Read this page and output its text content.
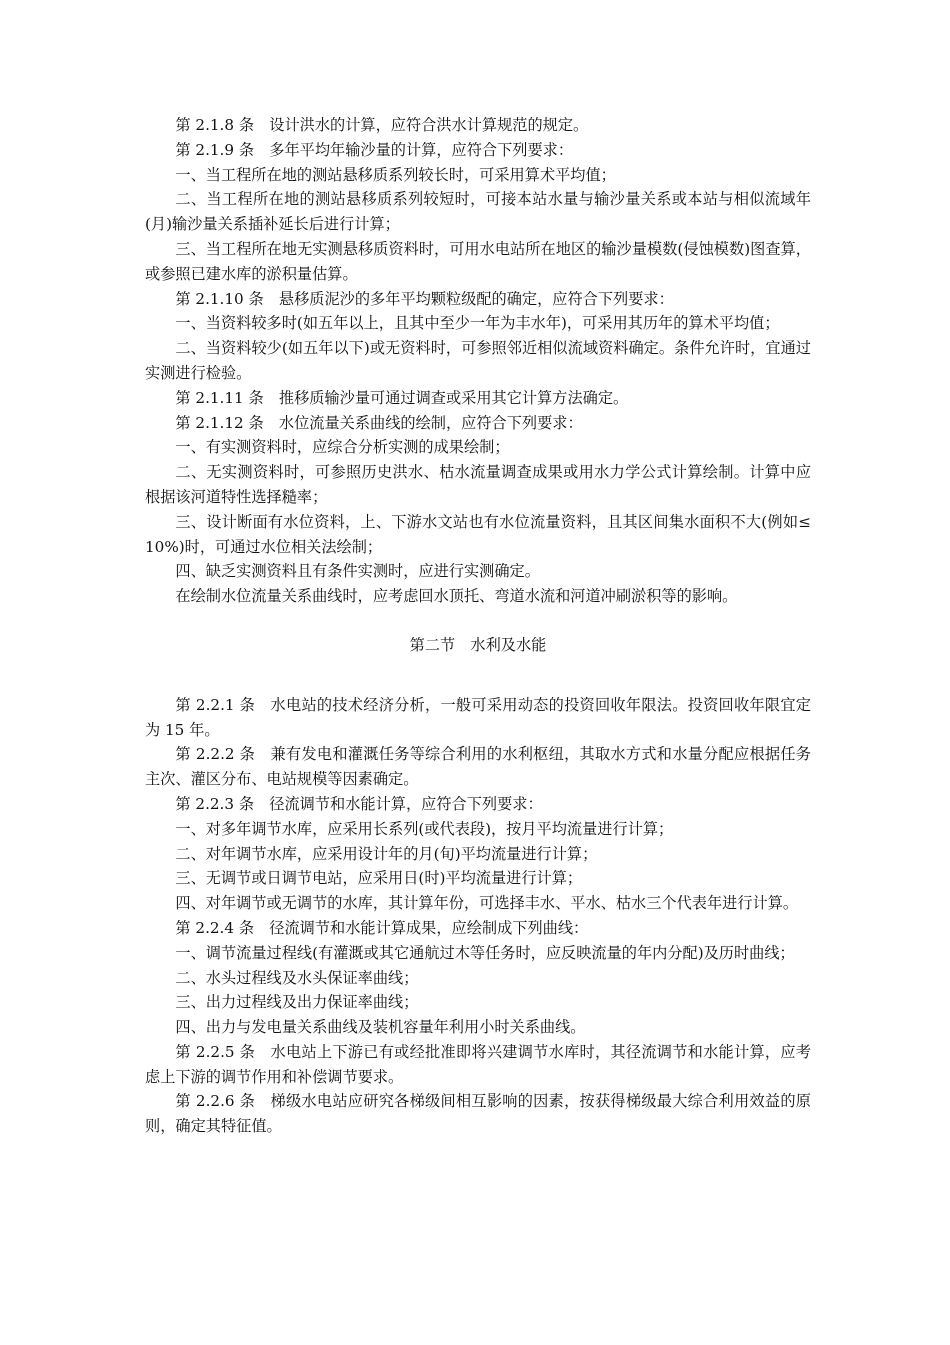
第 2.1.8 条　设计洪水的计算，应符合洪水计算规范的规定。

第 2.1.9 条　多年平均年输沙量的计算，应符合下列要求：

一、当工程所在地的测站悬移质系列较长时，可采用算术平均值；

二、当工程所在地的测站悬移质系列较短时，可接本站水量与输沙量关系或本站与相似流域年(月)输沙量关系插补延长后进行计算；

三、当工程所在地无实测悬移质资料时，可用水电站所在地区的输沙量模数(侵蚀模数)图查算，或参照已建水库的淤积量估算。

第 2.1.10 条　悬移质泥沙的多年平均颗粒级配的确定，应符合下列要求：

一、当资料较多时(如五年以上，且其中至少一年为丰水年)，可采用其历年的算术平均值；

二、当资料较少(如五年以下)或无资料时，可参照邻近相似流域资料确定。条件允许时，宜通过实测进行检验。

第 2.1.11 条　推移质输沙量可通过调查或采用其它计算方法确定。

第 2.1.12 条　水位流量关系曲线的绘制，应符合下列要求：

一、有实测资料时，应综合分析实测的成果绘制；

二、无实测资料时，可参照历史洪水、枯水流量调查成果或用水力学公式计算绘制。计算中应根据该河道特性选择糙率；

三、设计断面有水位资料，上、下游水文站也有水位流量资料，且其区间集水面积不大(例如≤10%)时，可通过水位相关法绘制；

四、缺乏实测资料且有条件实测时，应进行实测确定。

在绘制水位流量关系曲线时，应考虑回水顶托、弯道水流和河道冲刷淤积等的影响。

第二节　水利及水能

第 2.2.1 条　水电站的技术经济分析，一般可采用动态的投资回收年限法。投资回收年限宜定为 15 年。

第 2.2.2 条　兼有发电和灌溉任务等综合利用的水利枢纽，其取水方式和水量分配应根据任务主次、灌区分布、电站规模等因素确定。

第 2.2.3 条　径流调节和水能计算，应符合下列要求：

一、对多年调节水库，应采用长系列(或代表段)，按月平均流量进行计算；

二、对年调节水库，应采用设计年的月(旬)平均流量进行计算；

三、无调节或日调节电站，应采用日(时)平均流量进行计算；

四、对年调节或无调节的水库，其计算年份，可选择丰水、平水、枯水三个代表年进行计算。

第 2.2.4 条　径流调节和水能计算成果，应绘制成下列曲线：

一、调节流量过程线(有灌溉或其它通航过木等任务时，应反映流量的年内分配)及历时曲线；

二、水头过程线及水头保证率曲线；

三、出力过程线及出力保证率曲线；

四、出力与发电量关系曲线及装机容量年利用小时关系曲线。

第 2.2.5 条　水电站上下游已有或经批准即将兴建调节水库时，其径流调节和水能计算，应考虑上下游的调节作用和补偿调节要求。

第 2.2.6 条　梯级水电站应研究各梯级间相互影响的因素，按获得梯级最大综合利用效益的原则，确定其特征值。
